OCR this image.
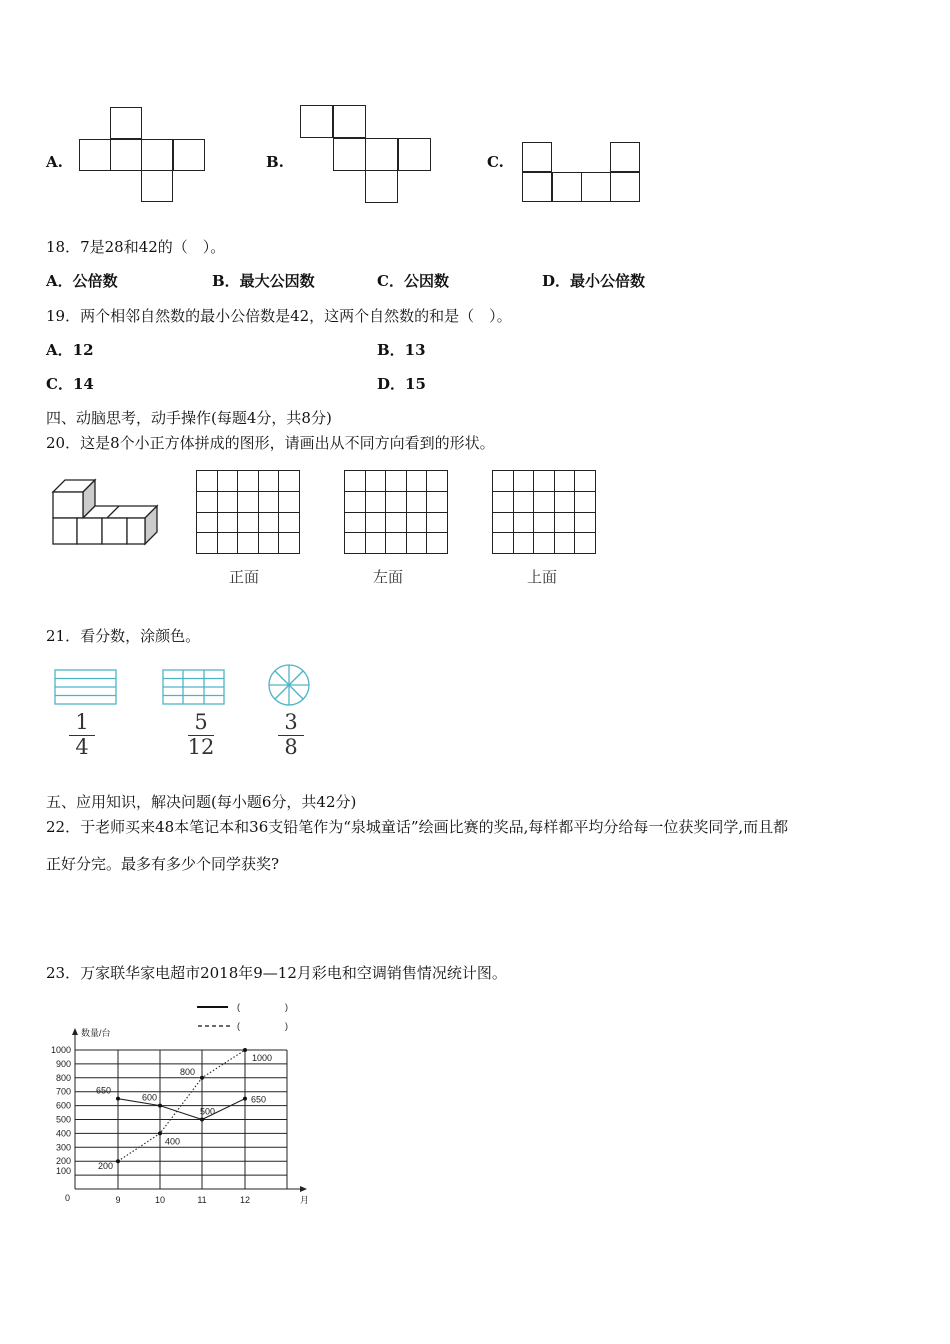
A.	B.	C.
18．7是28和42的（　）。
A．公倍数	B．最大公因数	C．公因数	D．最小公倍数
19．两个相邻自然数的最小公倍数是42，这两个自然数的和是（　）。
A．12	B．13
C．14	D．15
四、动脑思考，动手操作(每题4分，共8分)
20．这是8个小正方体拼成的图形，请画出从不同方向看到的形状。
正面	左面	上面
21．看分数，涂颜色。
1
4
5
12
3
8
五、应用知识，解决问题(每小题6分，共42分)
22．于老师买来48本笔记本和36支铅笔作为“泉城童话”绘画比赛的奖品,每样都平均分给每一位获奖同学,而且都
正好分完。最多有多少个同学获奖?
23．万家联华家电超市2018年9—12月彩电和空调销售情况统计图。
数量/台
月
0
100
200
300
400
500
600
700
800
900
1000
9	10	11	12
(　　　　　)
(　　　　　)
650
600
500
650
200
400
800
1000
